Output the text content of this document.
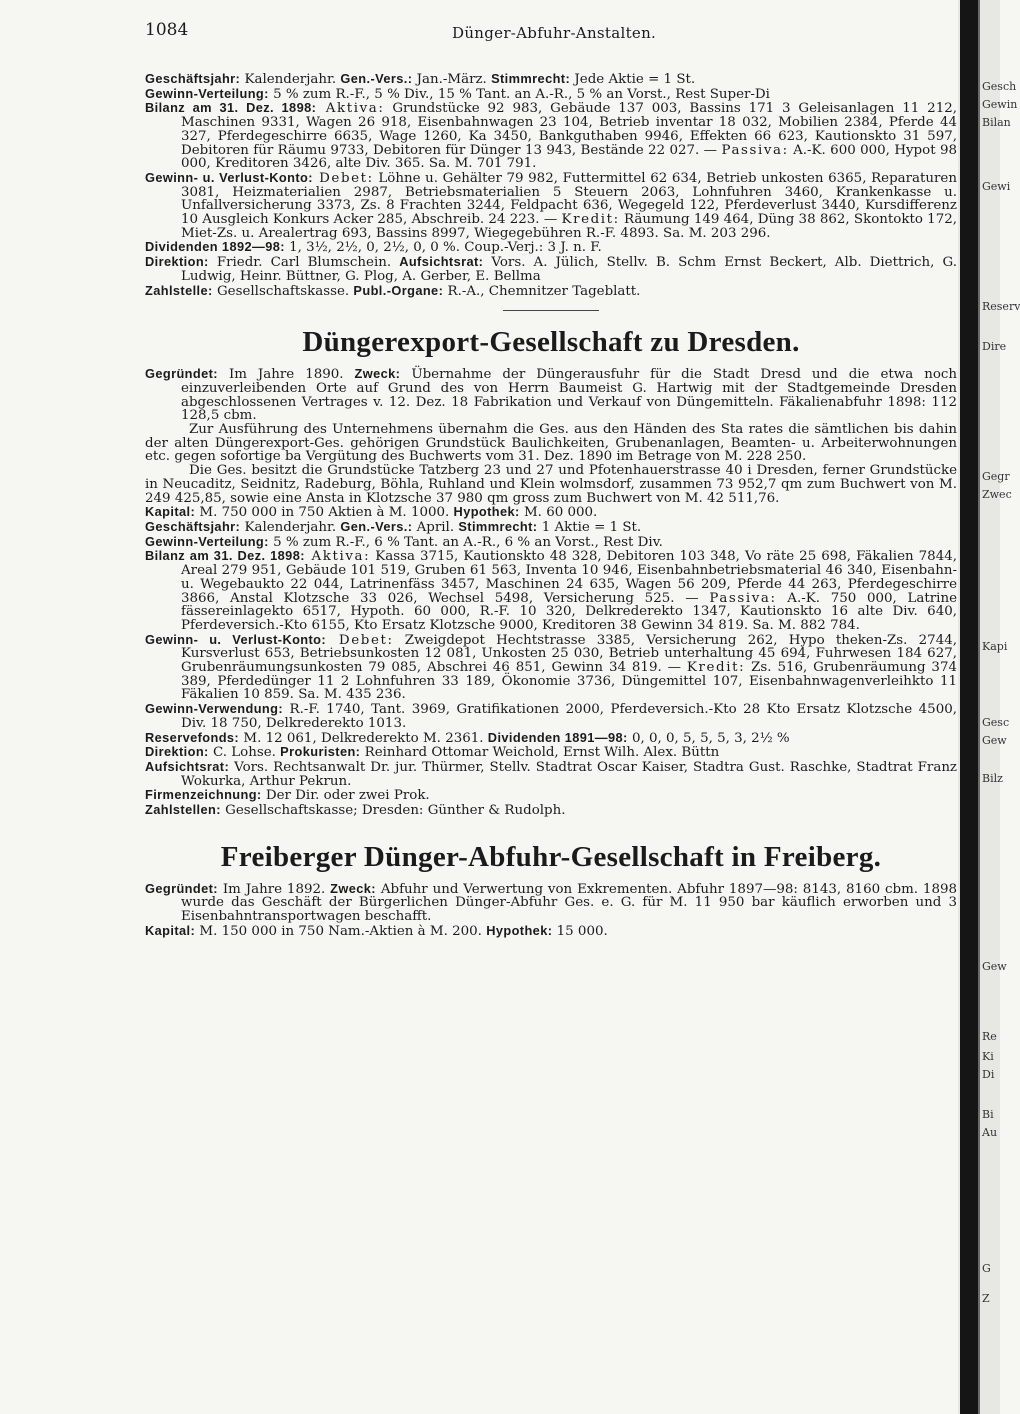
1084	Dünger-Abfuhr-Anstalten.

Geschäftsjahr: Kalenderjahr. Gen.-Vers.: Jan.-März. Stimmrecht: Jede Aktie = 1 St.

Gewinn-Verteilung: 5 % zum R.-F., 5 % Div., 15 % Tant. an A.-R., 5 % an Vorst., Rest Super-Di

Bilanz am 31. Dez. 1898: Aktiva: Grundstücke 92 983, Gebäude 137 003, Bassins 171 3 Geleisanlagen 11 212, Maschinen 9331, Wagen 26 918, Eisenbahnwagen 23 104, Betrieb inventar 18 032, Mobilien 2384, Pferde 44 327, Pferdegeschirre 6635, Wage 1260, Ka 3450, Bankguthaben 9946, Effekten 66 623, Kautionskto 31 597, Debitoren für Räumu 9733, Debitoren für Dünger 13 943, Bestände 22 027. — Passiva: A.-K. 600 000, Hypot 98 000, Kreditoren 3426, alte Div. 365. Sa. M. 701 791.

Gewinn- u. Verlust-Konto: Debet: Löhne u. Gehälter 79 982, Futtermittel 62 634, Betrieb unkosten 6365, Reparaturen 3081, Heizmaterialien 2987, Betriebsmaterialien 5 Steuern 2063, Lohnfuhren 3460, Krankenkasse u. Unfallversicherung 3373, Zs. 8 Frachten 3244, Feldpacht 636, Wegegeld 122, Pferdeverlust 3440, Kursdifferenz 10 Ausgleich Konkurs Acker 285, Abschreib. 24 223. — Kredit: Räumung 149 464, Düng 38 862, Skontokto 172, Miet-Zs. u. Arealertrag 693, Bassins 8997, Wiegegebühren R.-F. 4893. Sa. M. 203 296.

Dividenden 1892—98: 1, 3½, 2½, 0, 2½, 0, 0 %. Coup.-Verj.: 3 J. n. F.

Direktion: Friedr. Carl Blumschein. Aufsichtsrat: Vors. A. Jülich, Stellv. B. Schm Ernst Beckert, Alb. Diettrich, G. Ludwig, Heinr. Büttner, G. Plog, A. Gerber, E. Bellma

Zahlstelle: Gesellschaftskasse. Publ.-Organe: R.-A., Chemnitzer Tageblatt.

Düngerexport-Gesellschaft zu Dresden.

Gegründet: Im Jahre 1890. Zweck: Übernahme der Düngerausfuhr für die Stadt Dresd und die etwa noch einzuverleibenden Orte auf Grund des von Herrn Baumeist G. Hartwig mit der Stadtgemeinde Dresden abgeschlossenen Vertrages v. 12. Dez. 18 Fabrikation und Verkauf von Düngemitteln. Fäkalienabfuhr 1898: 112 128,5 cbm.

Zur Ausführung des Unternehmens übernahm die Ges. aus den Händen des Sta rates die sämtlichen bis dahin der alten Düngerexport-Ges. gehörigen Grundstück Baulichkeiten, Grubenanlagen, Beamten- u. Arbeiterwohnungen etc. gegen sofortige ba Vergütung des Buchwerts vom 31. Dez. 1890 im Betrage von M. 228 250.

Die Ges. besitzt die Grundstücke Tatzberg 23 und 27 und Pfotenhauerstrasse 40 i Dresden, ferner Grundstücke in Neucaditz, Seidnitz, Radeburg, Böhla, Ruhland und Klein wolmsdorf, zusammen 73 952,7 qm zum Buchwert von M. 249 425,85, sowie eine Ansta in Klotzsche 37 980 qm gross zum Buchwert von M. 42 511,76.

Kapital: M. 750 000 in 750 Aktien à M. 1000. Hypothek: M. 60 000.

Geschäftsjahr: Kalenderjahr. Gen.-Vers.: April. Stimmrecht: 1 Aktie = 1 St.

Gewinn-Verteilung: 5 % zum R.-F., 6 % Tant. an A.-R., 6 % an Vorst., Rest Div.

Bilanz am 31. Dez. 1898: Aktiva: Kassa 3715, Kautionskto 48 328, Debitoren 103 348, Vo räte 25 698, Fäkalien 7844, Areal 279 951, Gebäude 101 519, Gruben 61 563, Inventa 10 946, Eisenbahnbetriebsmaterial 46 340, Eisenbahn- u. Wegebaukto 22 044, Latrinenfäss 3457, Maschinen 24 635, Wagen 56 209, Pferde 44 263, Pferdegeschirre 3866, Anstal Klotzsche 33 026, Wechsel 5498, Versicherung 525. — Passiva: A.-K. 750 000, Latrine fässereinlagekto 6517, Hypoth. 60 000, R.-F. 10 320, Delkrederekto 1347, Kautionskto 16 alte Div. 640, Pferdeversich.-Kto 6155, Kto Ersatz Klotzsche 9000, Kreditoren 38 Gewinn 34 819. Sa. M. 882 784.

Gewinn- u. Verlust-Konto: Debet: Zweigdepot Hechtstrasse 3385, Versicherung 262, Hypo theken-Zs. 2744, Kursverlust 653, Betriebsunkosten 12 081, Unkosten 25 030, Betrieb unterhaltung 45 694, Fuhrwesen 184 627, Grubenräumungsunkosten 79 085, Abschrei 46 851, Gewinn 34 819. — Kredit: Zs. 516, Grubenräumung 374 389, Pferdedünger 11 2 Lohnfuhren 33 189, Ökonomie 3736, Düngemittel 107, Eisenbahnwagenverleihkto 11 Fäkalien 10 859. Sa. M. 435 236.

Gewinn-Verwendung: R.-F. 1740, Tant. 3969, Gratifikationen 2000, Pferdeversich.-Kto 28 Kto Ersatz Klotzsche 4500, Div. 18 750, Delkrederekto 1013.

Reservefonds: M. 12 061, Delkrederekto M. 2361. Dividenden 1891—98: 0, 0, 0, 5, 5, 5, 3, 2½ %

Direktion: C. Lohse. Prokuristen: Reinhard Ottomar Weichold, Ernst Wilh. Alex. Büttn

Aufsichtsrat: Vors. Rechtsanwalt Dr. jur. Thürmer, Stellv. Stadtrat Oscar Kaiser, Stadtra Gust. Raschke, Stadtrat Franz Wokurka, Arthur Pekrun.

Firmenzeichnung: Der Dir. oder zwei Prok.

Zahlstellen: Gesellschaftskasse; Dresden: Günther & Rudolph.

Freiberger Dünger-Abfuhr-Gesellschaft in Freiberg.

Gegründet: Im Jahre 1892. Zweck: Abfuhr und Verwertung von Exkrementen. Abfuhr 1897—98: 8143, 8160 cbm. 1898 wurde das Geschäft der Bürgerlichen Dünger-Abfuhr Ges. e. G. für M. 11 950 bar käuflich erworben und 3 Eisenbahntransportwagen beschafft.

Kapital: M. 150 000 in 750 Nam.-Aktien à M. 200. Hypothek: 15 000.

Gesch
Gewin
Bilan
Gewi
Reserv
Dire
Gegr
Zwec
Kapi
Gesc
Gew
Bilz
Gew
Re
Ki
Di
Bi
Au
G
Z
